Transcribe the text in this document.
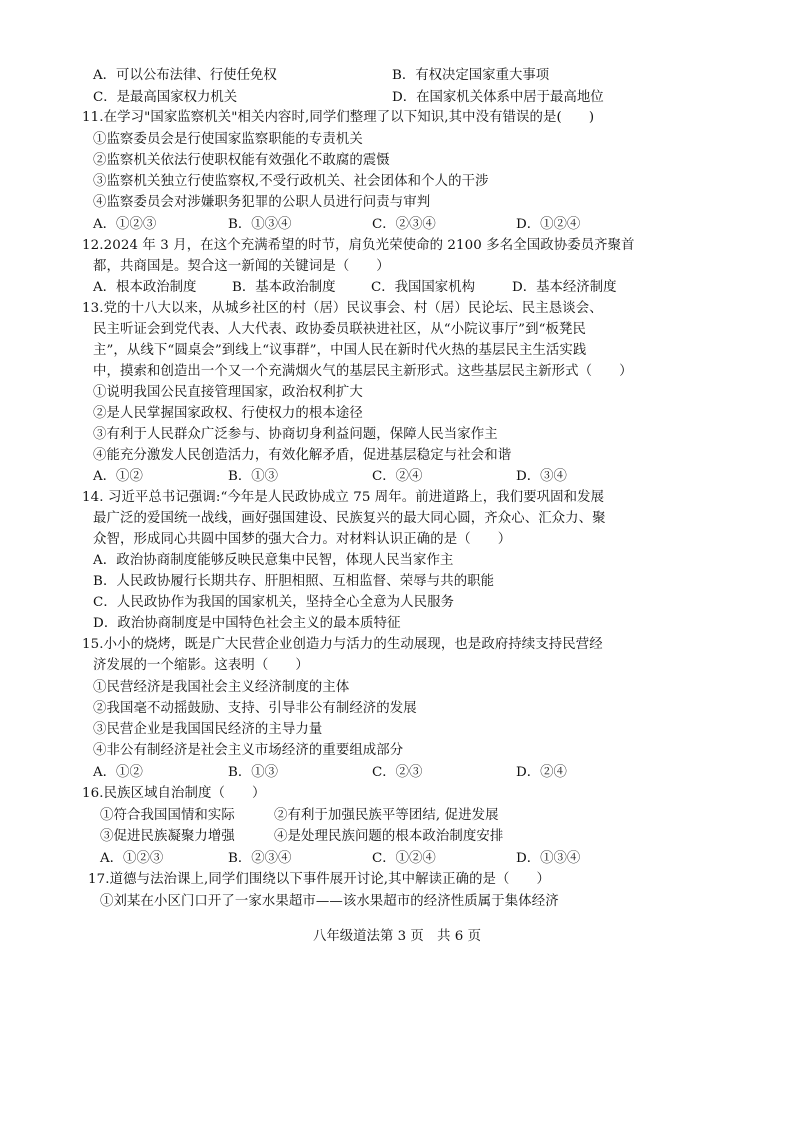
A．可以公布法律、行使任免权	B．有权决定国家重大事项
C．是最高国家权力机关	D．在国家机关体系中居于最高地位
11.在学习"国家监察机关"相关内容时,同学们整理了以下知识,其中没有错误的是(　　)
①监察委员会是行使国家监察职能的专责机关
②监察机关依法行使职权能有效强化不敢腐的震慑
③监察机关独立行使监察权,不受行政机关、社会团体和个人的干涉
④监察委员会对涉嫌职务犯罪的公职人员进行问责与审判
A．①②③	B．①③④	C．②③④	D．①②④
12.2024 年 3 月，在这个充满希望的时节，肩负光荣使命的 2100 多名全国政协委员齐聚首
都，共商国是。契合这一新闻的关键词是（　　）
A．根本政治制度	B．基本政治制度	C．我国国家机构	D．基本经济制度
13.党的十八大以来，从城乡社区的村（居）民议事会、村（居）民论坛、民主恳谈会、
民主听证会到党代表、人大代表、政协委员联袂进社区，从“小院议事厅”到“板凳民
主”，从线下“圆桌会”到线上“议事群”，中国人民在新时代火热的基层民主生活实践
中，摸索和创造出一个又一个充满烟火气的基层民主新形式。这些基层民主新形式（　　）
①说明我国公民直接管理国家，政治权利扩大
②是人民掌握国家政权、行使权力的根本途径
③有利于人民群众广泛参与、协商切身利益问题，保障人民当家作主
④能充分激发人民创造活力，有效化解矛盾，促进基层稳定与社会和谐
A．①②	B．①③	C．②④	D．③④
14. 习近平总书记强调:“今年是人民政协成立 75 周年。前进道路上，我们要巩固和发展
最广泛的爱国统一战线，画好强国建设、民族复兴的最大同心圆，齐众心、汇众力、聚
众智，形成同心共圆中国梦的强大合力。对材料认识正确的是（　　）
A．政治协商制度能够反映民意集中民智，体现人民当家作主
B．人民政协履行长期共存、肝胆相照、互相监督、荣辱与共的职能
C．人民政协作为我国的国家机关，坚持全心全意为人民服务
D．政治协商制度是中国特色社会主义的最本质特征
15.小小的烧烤，既是广大民营企业创造力与活力的生动展现，也是政府持续支持民营经
济发展的一个缩影。这表明（　　）
①民营经济是我国社会主义经济制度的主体
②我国毫不动摇鼓励、支持、引导非公有制经济的发展
③民营企业是我国国民经济的主导力量
④非公有制经济是社会主义市场经济的重要组成部分
A．①②	B．①③	C．②③	D．②④
16.民族区域自治制度（　　）
①符合我国国情和实际	②有利于加强民族平等团结, 促进发展
③促进民族凝聚力增强	④是处理民族问题的根本政治制度安排
A．①②③	B．②③④	C．①②④	D．①③④
17.道德与法治课上,同学们围绕以下事件展开讨论,其中解读正确的是（　　）
①刘某在小区门口开了一家水果超市——该水果超市的经济性质属于集体经济
八年级道法第 3 页　共 6 页
